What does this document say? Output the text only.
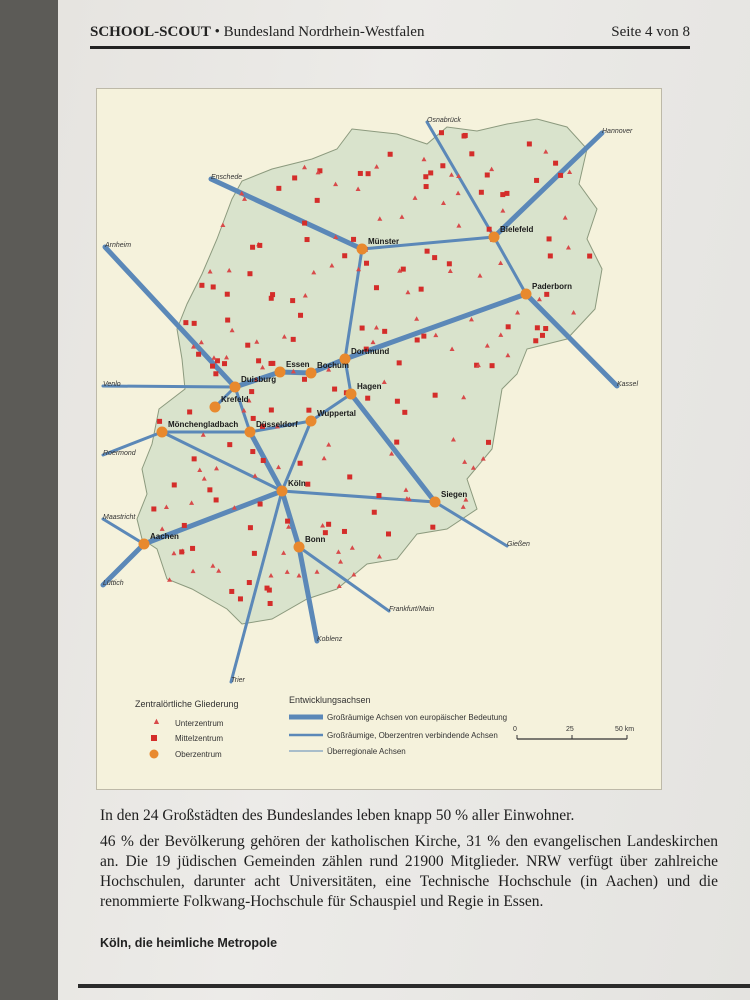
SCHOOL-SCOUT • Bundesland Nordrhein-Westfalen	Seite 4 von 8
Münster
Bielefeld
Paderborn
Essen
Dortmund
Bochum
Duisburg
Krefeld
Hagen
Wuppertal
Mönchengladbach Düsseldorf
Köln
Siegen
Aachen	Bonn
Osnabrück
Hannover
Enschede
Arnheim
Venlo	Kassel
Roermond
Maastricht
Gießen
Lüttich
Frankfurt/Main
Koblenz
Trier
Zentralörtliche Gliederung
▲ Unterzentrum
Mittelzentrum
Oberzentrum
Entwicklungsachsen
Großräumige Achsen von europäischer Bedeutung
Großräumige, Oberzentren verbindende Achsen
Überregionale Achsen
0	25	50 km
In den 24 Großstädten des Bundeslandes leben knapp 50 % aller Einwohner.
46 % der Bevölkerung gehören der katholischen Kirche, 31 % den evangelischen Landeskirchen an. Die 19 jüdischen Gemeinden zählen rund 21900 Mitglieder. NRW verfügt über zahlreiche Hochschulen, darunter acht Universitäten, eine Technische Hochschule (in Aachen) und die renommierte Folkwang-Hochschule für Schauspiel und Regie in Essen.
Köln, die heimliche Metropole
